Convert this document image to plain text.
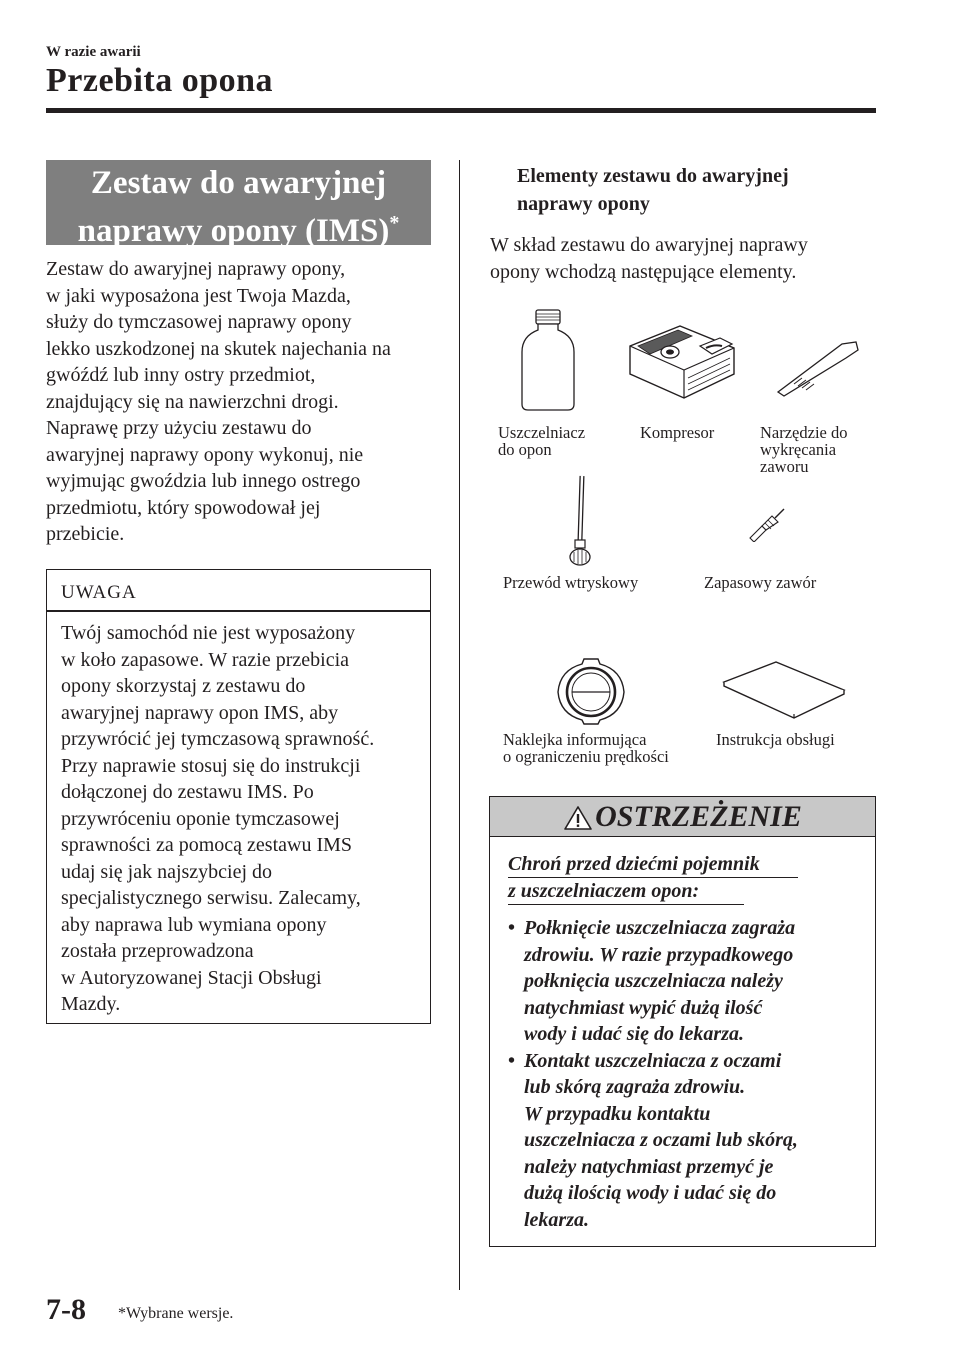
W razie awarii
Przebita opona
Zestaw do awaryjnej
naprawy opony (IMS)*
Zestaw do awaryjnej naprawy opony,
w jaki wyposażona jest Twoja Mazda,
służy do tymczasowej naprawy opony
lekko uszkodzonej na skutek najechania na
gwóźdź lub inny ostry przedmiot,
znajdujący się na nawierzchni drogi.
Naprawę przy użyciu zestawu do
awaryjnej naprawy opony wykonuj, nie
wyjmując gwoździa lub innego ostrego
przedmiotu, który spowodował jej
przebicie.
UWAGA
Twój samochód nie jest wyposażony
w koło zapasowe. W razie przebicia
opony skorzystaj z zestawu do
awaryjnej naprawy opon IMS, aby
przywrócić jej tymczasową sprawność.
Przy naprawie stosuj się do instrukcji
dołączonej do zestawu IMS. Po
przywróceniu oponie tymczasowej
sprawności za pomocą zestawu IMS
udaj się jak najszybciej do
specjalistycznego serwisu. Zalecamy,
aby naprawa lub wymiana opony
została przeprowadzona
w Autoryzowanej Stacji Obsługi
Mazdy.
Elementy zestawu do awaryjnej
naprawy opony
W skład zestawu do awaryjnej naprawy
opony wchodzą następujące elementy.
Uszczelniacz
do opon
Kompresor	Narzędzie do
wykręcania
zaworu
Przewód wtryskowy	Zapasowy zawór
Naklejka informująca
o ograniczeniu prędkości
Instrukcja obsługi
OSTRZEŻENIE
Chroń przed dziećmi pojemnik
z uszczelniaczem opon:
• Połknięcie uszczelniacza zagraża
zdrowiu. W razie przypadkowego
połknięcia uszczelniacza należy
natychmiast wypić dużą ilość
wody i udać się do lekarza.
• Kontakt uszczelniacza z oczami
lub skórą zagraża zdrowiu.
W przypadku kontaktu
uszczelniacza z oczami lub skórą,
należy natychmiast przemyć je
dużą ilością wody i udać się do
lekarza.
7-8 *Wybrane wersje.
